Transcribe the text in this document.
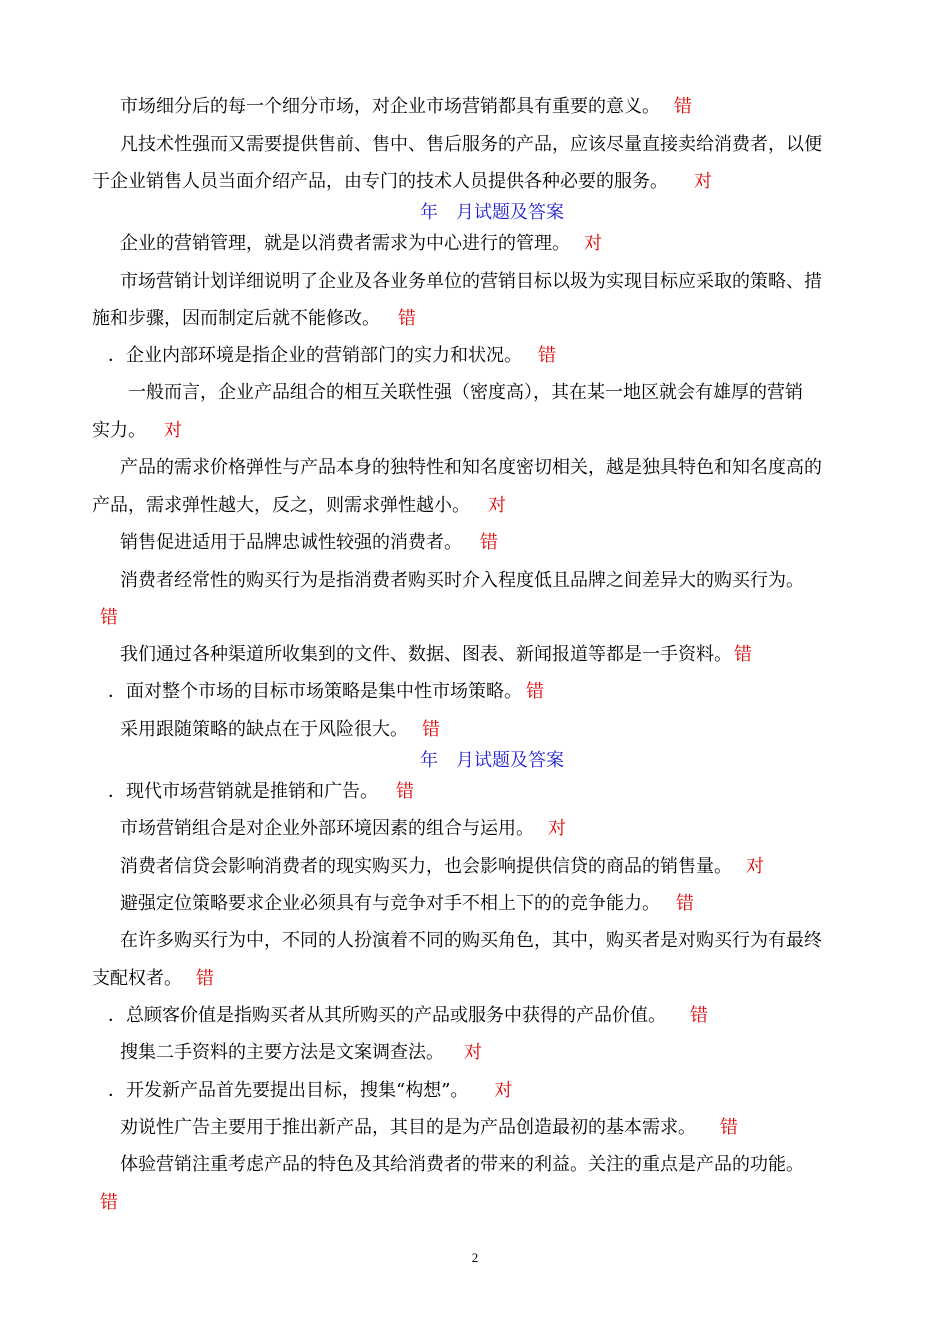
市场细分后的每一个细分市场，对企业市场营销都具有重要的意义。 错
凡技术性强而又需要提供售前、售中、售后服务的产品，应该尽量直接卖给消费者，以便
于企业销售人员当面介绍产品，由专门的技术人员提供各种必要的服务。 对
年　月试题及答案
企业的营销管理，就是以消费者需求为中心进行的管理。 对
市场营销计划详细说明了企业及各业务单位的营销目标以圾为实现目标应采取的策略、措
施和步骤，因而制定后就不能修改。 错
．企业内部环境是指企业的营销部门的实力和状况。 错
一般而言，企业产品组合的相互关联性强（密度高），其在某一地区就会有雄厚的营销
实力。 对
产品的需求价格弹性与产品本身的独特性和知名度密切相关，越是独具特色和知名度高的
产品，需求弹性越大，反之，则需求弹性越小。 对
销售促进适用于品牌忠诚性较强的消费者。 错
消费者经常性的购买行为是指消费者购买时介入程度低且品牌之间差异大的购买行为。
错
我们通过各种渠道所收集到的文件、数据、图表、新闻报道等都是一手资料。 错
．面对整个市场的目标市场策略是集中性市场策略。 错
采用跟随策略的缺点在于风险很大。 错
年　月试题及答案
．现代市场营销就是推销和广告。 错
市场营销组合是对企业外部环境因素的组合与运用。 对
消费者信贷会影响消费者的现实购买力，也会影响提供信贷的商品的销售量。 对
避强定位策略要求企业必须具有与竞争对手不相上下的的竞争能力。 错
在许多购买行为中，不同的人扮演着不同的购买角色，其中，购买者是对购买行为有最终
支配权者。 错
．总顾客价值是指购买者从其所购买的产品或服务中获得的产品价值。 错
搜集二手资料的主要方法是文案调查法。 对
．开发新产品首先要提出目标，搜集“构想”。 对
劝说性广告主要用于推出新产品，其目的是为产品创造最初的基本需求。 错
体验营销注重考虑产品的特色及其给消费者的带来的利益。关注的重点是产品的功能。
错
2
